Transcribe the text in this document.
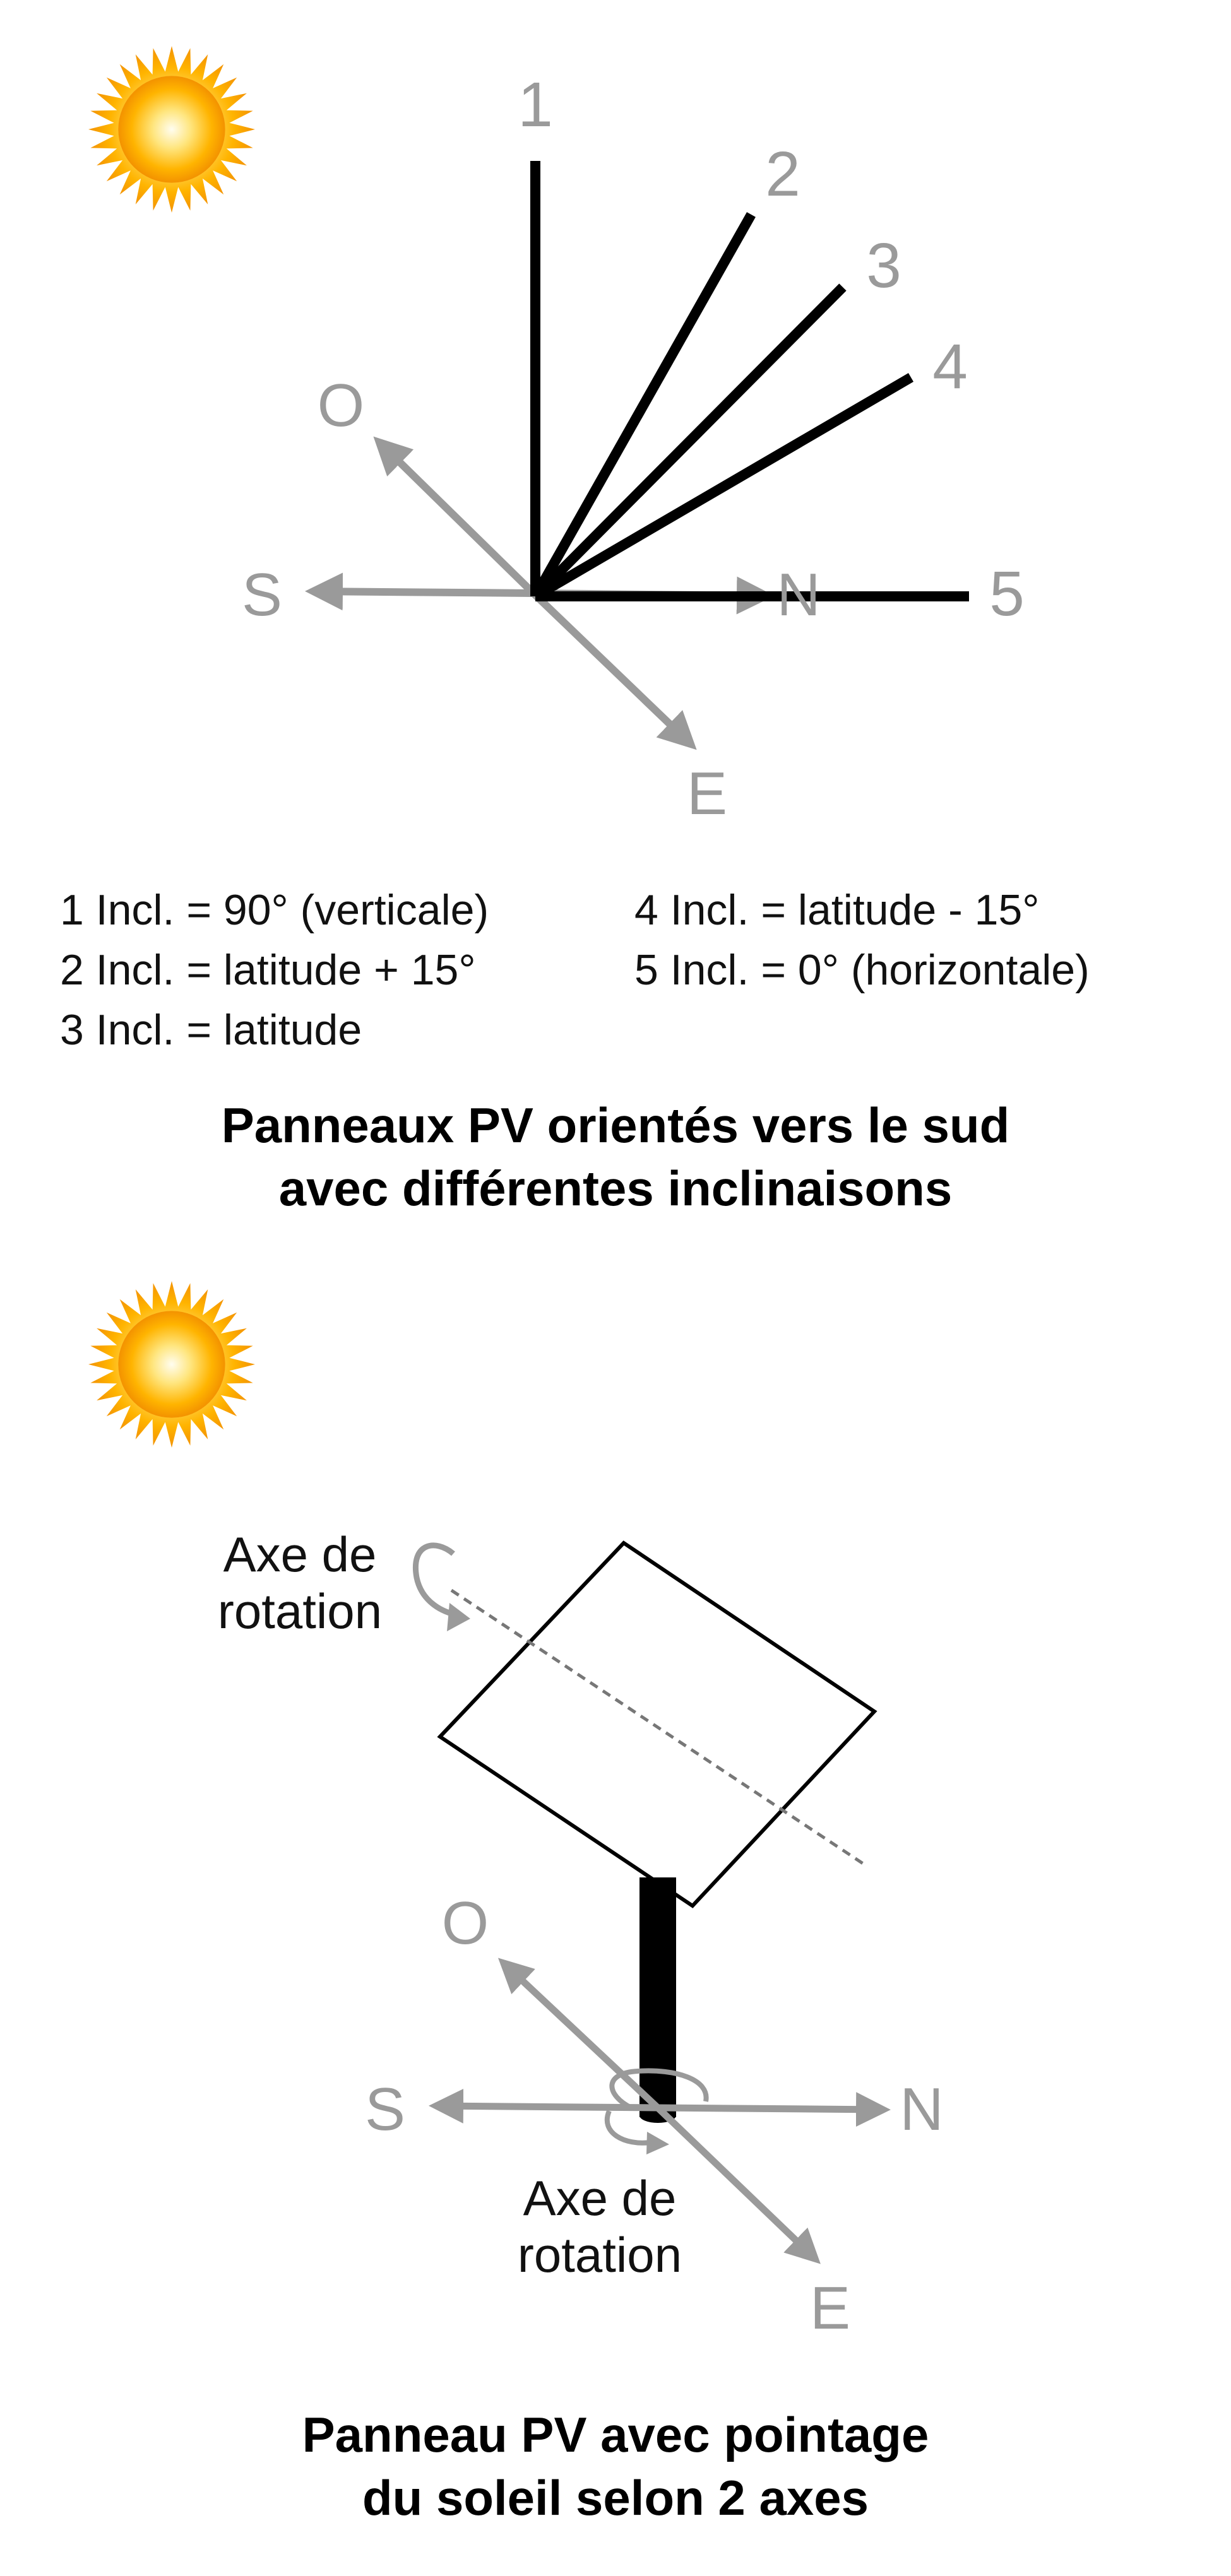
1
2
3
4
5
O
S	N
E
1 Incl. = 90° (verticale)
2 Incl. = latitude + 15°
3 Incl. = latitude
4 Incl. = latitude - 15°
5 Incl. = 0° (horizontale)
Panneaux PV orientés vers le sud
avec différentes inclinaisons
Axe de
rotation
O
S	N
E
Axe de
rotation
Panneau PV avec pointage
du soleil selon 2 axes
